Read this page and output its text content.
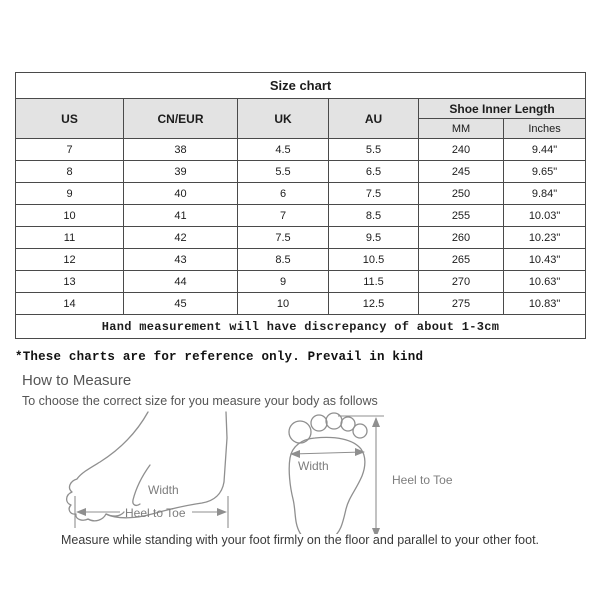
Size chart					
US	CN/EUR	UK	AU	Shoe Inner Length	
				MM	Inches
7	38	4.5	5.5	240	9.44"
8	39	5.5	6.5	245	9.65"
9	40	6	7.5	250	9.84"
10	41	7	8.5	255	10.03"
11	42	7.5	9.5	260	10.23"
12	43	8.5	10.5	265	10.43"
13	44	9	11.5	270	10.63"
14	45	10	12.5	275	10.83"
Hand measurement will have discrepancy of about 1-3cm					
*These charts are for reference only. Prevail in kind
How to Measure
To choose the correct size for you measure your body as follows
Width
Heel to Toe
Width
Heel to Toe
Measure while standing with your foot firmly on the floor and parallel to your other foot.
